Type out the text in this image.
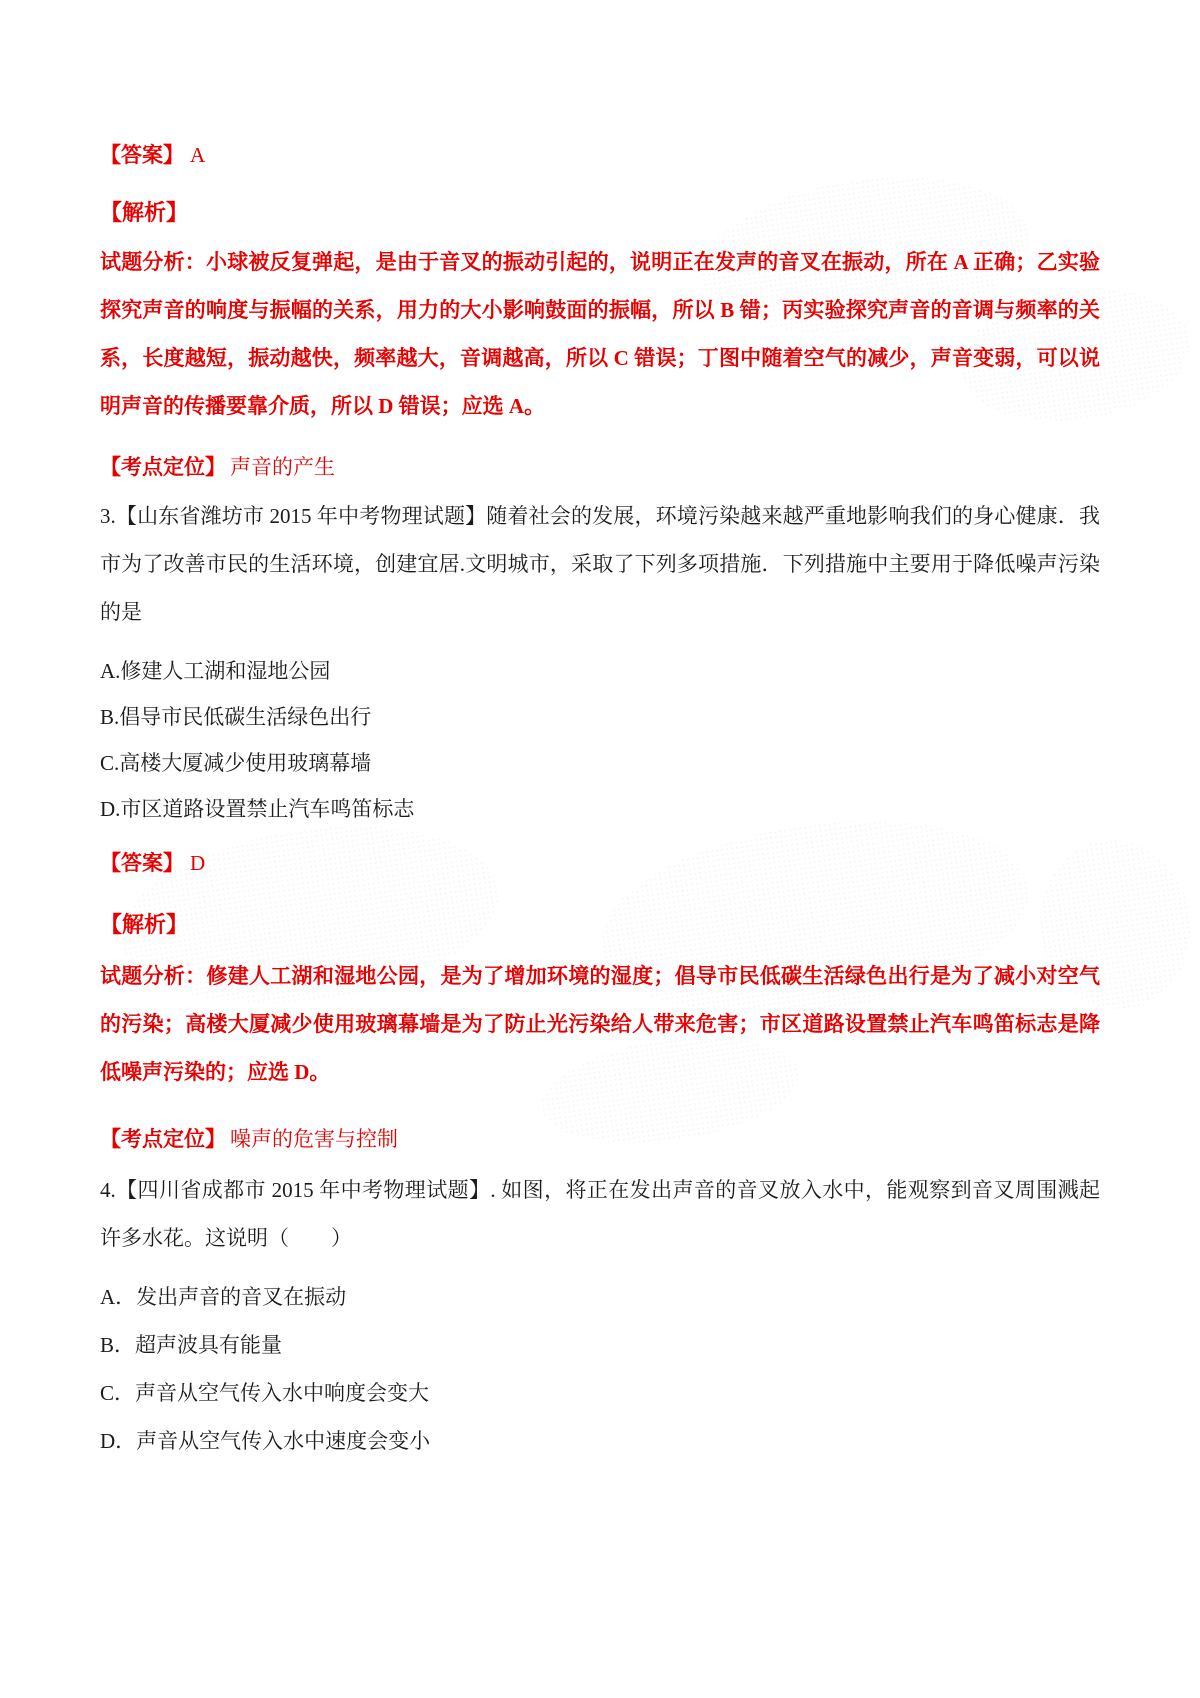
【答案】 A
【解析】
试题分析：小球被反复弹起，是由于音叉的振动引起的，说明正在发声的音叉在振动，所在 A 正确；乙实验探究声音的响度与振幅的关系，用力的大小影响鼓面的振幅，所以 B 错；丙实验探究声音的音调与频率的关系，长度越短，振动越快，频率越大，音调越高，所以 C 错误；丁图中随着空气的减少，声音变弱，可以说明声音的传播要靠介质，所以 D 错误；应选 A。
【考点定位】 声音的产生
3.【山东省潍坊市 2015 年中考物理试题】随着社会的发展，环境污染越来越严重地影响我们的身心健康．我市为了改善市民的生活环境，创建宜居.文明城市，采取了下列多项措施．下列措施中主要用于降低噪声污染的是
A.修建人工湖和湿地公园
B.倡导市民低碳生活绿色出行
C.高楼大厦减少使用玻璃幕墙
D.市区道路设置禁止汽车鸣笛标志
【答案】 D
【解析】
试题分析：修建人工湖和湿地公园，是为了增加环境的湿度；倡导市民低碳生活绿色出行是为了减小对空气的污染；高楼大厦减少使用玻璃幕墙是为了防止光污染给人带来危害；市区道路设置禁止汽车鸣笛标志是降低噪声污染的；应选 D。
【考点定位】 噪声的危害与控制
4.【四川省成都市 2015 年中考物理试题】. 如图，将正在发出声音的音叉放入水中，能观察到音叉周围溅起许多水花。这说明（　　）
A．发出声音的音叉在振动
B．超声波具有能量
C．声音从空气传入水中响度会变大
D．声音从空气传入水中速度会变小
